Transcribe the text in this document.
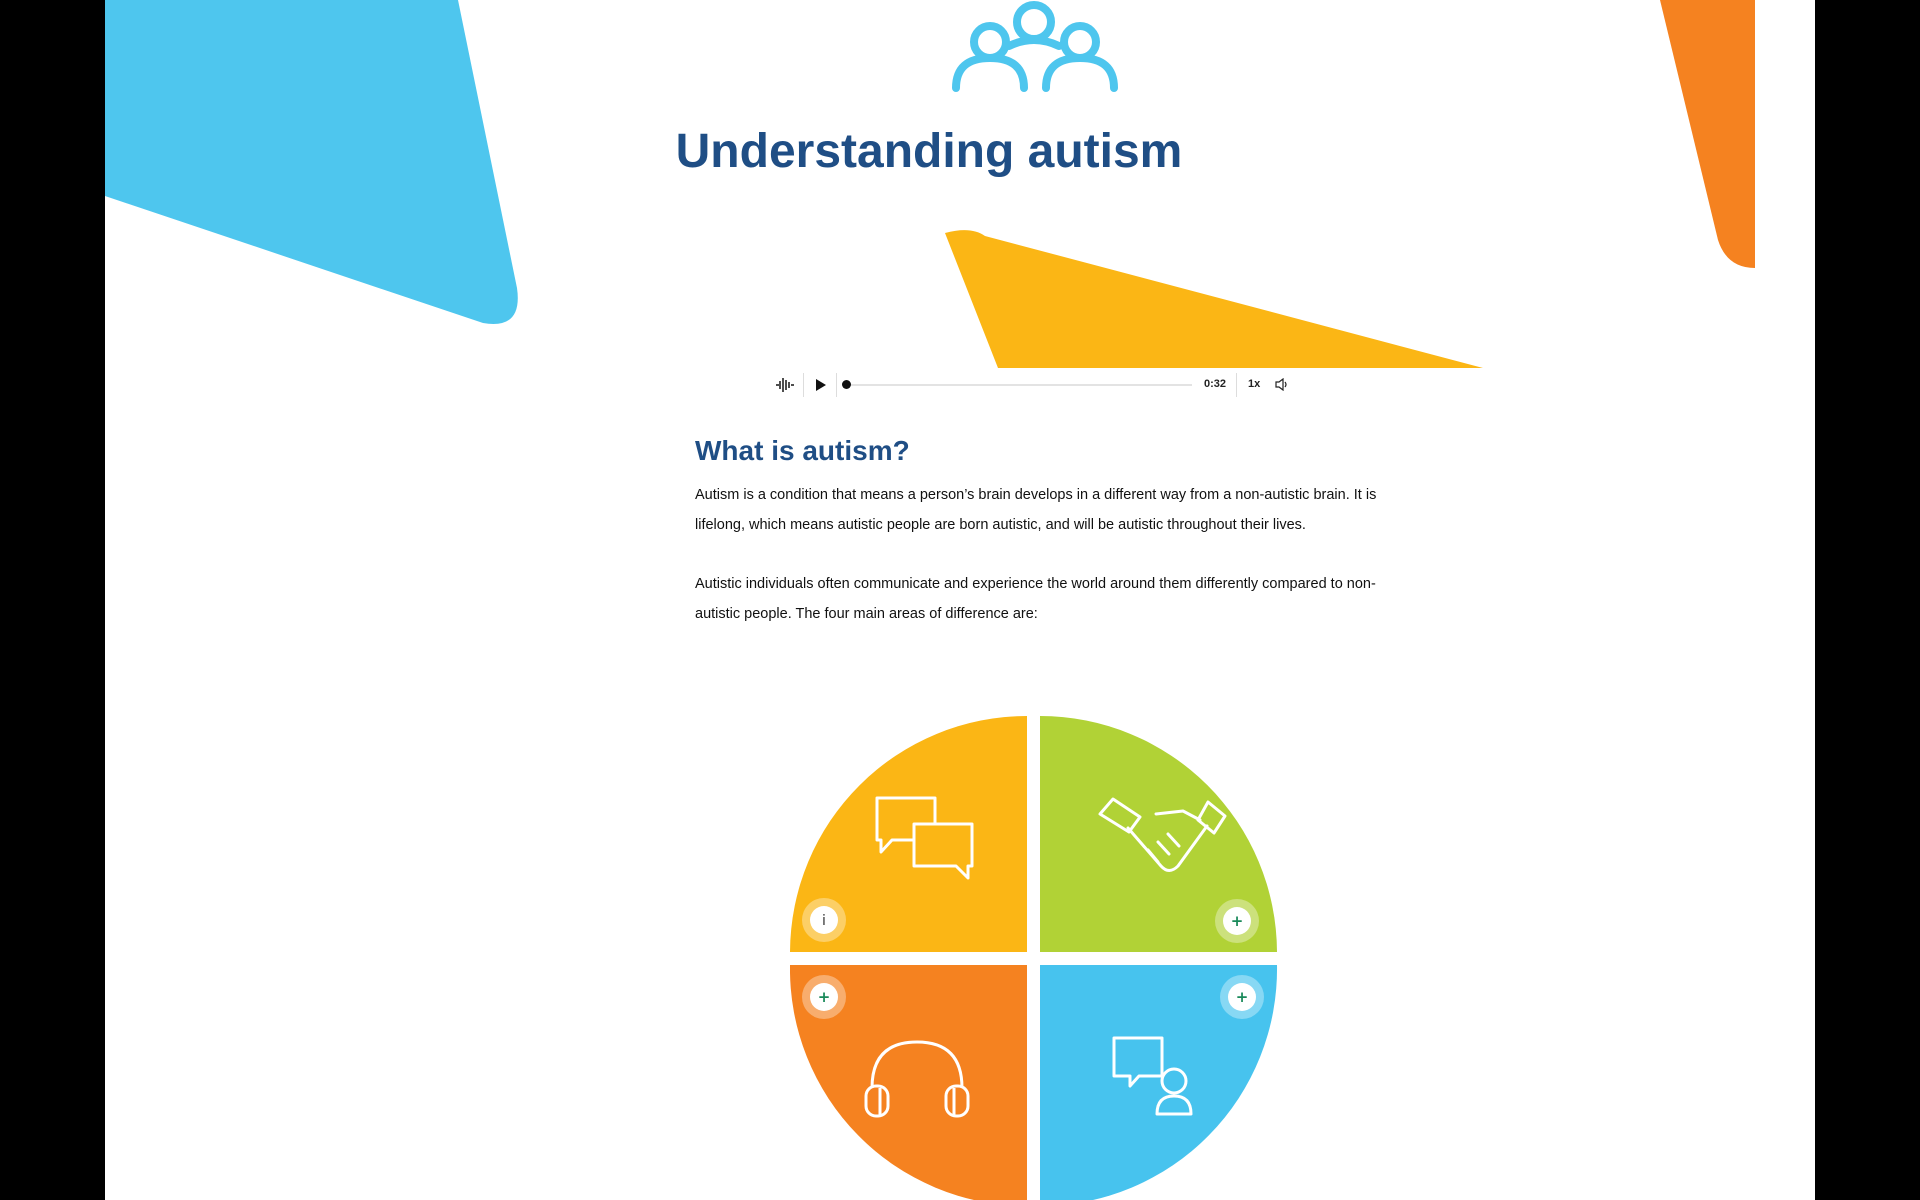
Understanding autism
0:32 1x
What is autism?

Autism is a condition that means a person’s brain develops in a different way from a non-autistic brain. It is lifelong, which means autistic people are born autistic, and will be autistic throughout their lives.

Autistic individuals often communicate and experience the world around them differently compared to non-autistic people. The four main areas of difference are:

i	+
+	+
